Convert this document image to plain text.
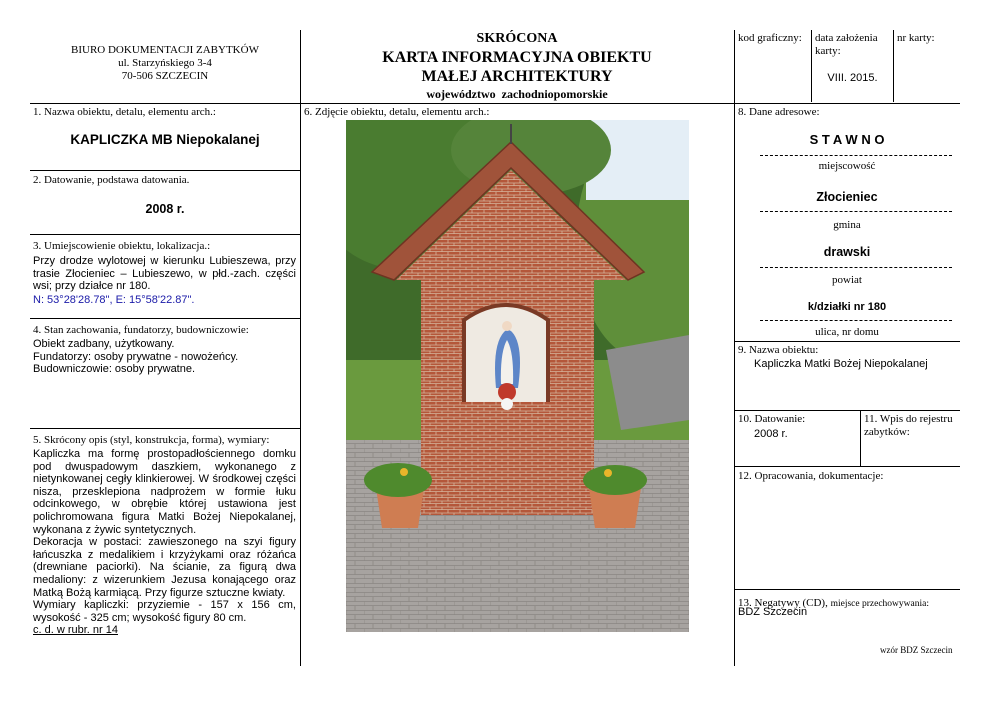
BIURO DOKUMENTACJI ZABYTKÓW
ul. Starzyńskiego 3-4
70-506 SZCZECIN
SKRÓCONA
KARTA INFORMACYJNA OBIEKTU
MAŁEJ ARCHITEKTURY
województwo  zachodniopomorskie
kod graficzny:	data założenia karty:
VIII. 2015.
nr karty:
1. Nazwa obiektu, detalu, elementu arch.:
KAPLICZKA MB Niepokalanej
2. Datowanie, podstawa datowania.
2008 r.
3. Umiejscowienie obiektu, lokalizacja.:
Przy drodze wylotowej w kierunku Lubieszewa, przy trasie Złocieniec – Lubieszewo, w płd.-zach. części wsi; przy działce nr 180.
N: 53°28'28.78", E: 15°58'22.87".
4. Stan zachowania, fundatorzy, budowniczowie:
Obiekt zadbany, użytkowany.
Fundatorzy: osoby prywatne - nowożeńcy.
Budowniczowie: osoby prywatne.
5. Skrócony opis (styl, konstrukcja, forma), wymiary:
Kapliczka ma formę prostopadłościennego domku pod dwuspadowym daszkiem, wykonanego z nietynkowanej cegły klinkierowej. W środkowej części nisza, przesklepiona nadprożem w formie łuku odcinkowego, w obrębie której ustawiona jest polichromowana figura Matki Bożej Niepokalanej, wykonana z żywic syntetycznych.
Dekoracja w postaci: zawieszonego na szyi figury łańcuszka z medalikiem i krzyżykami oraz różańca (drewniane paciorki). Na ścianie, za figurą dwa medaliony: z wizerunkiem Jezusa konającego oraz Matką Bożą karmiącą. Przy figurze sztuczne kwiaty.
Wymiary kapliczki: przyziemie - 157 x 156 cm, wysokość - 325 cm; wysokość figury 80 cm.
c. d. w rubr. nr 14
6. Zdjęcie obiektu, detalu, elementu arch.:	8. Dane adresowe:
S T A W N O
miejscowość
Złocieniec
gmina
drawski
powiat
k/działki nr 180
ulica, nr domu
9. Nazwa obiektu:
Kapliczka Matki Bożej Niepokalanej
10. Datowanie:
2008 r.
11. Wpis do rejestru zabytków:
12. Opracowania, dokumentacje:
13. Negatywy (CD), miejsce przechowywania:
BDZ Szczecin
wzór BDZ Szczecin
